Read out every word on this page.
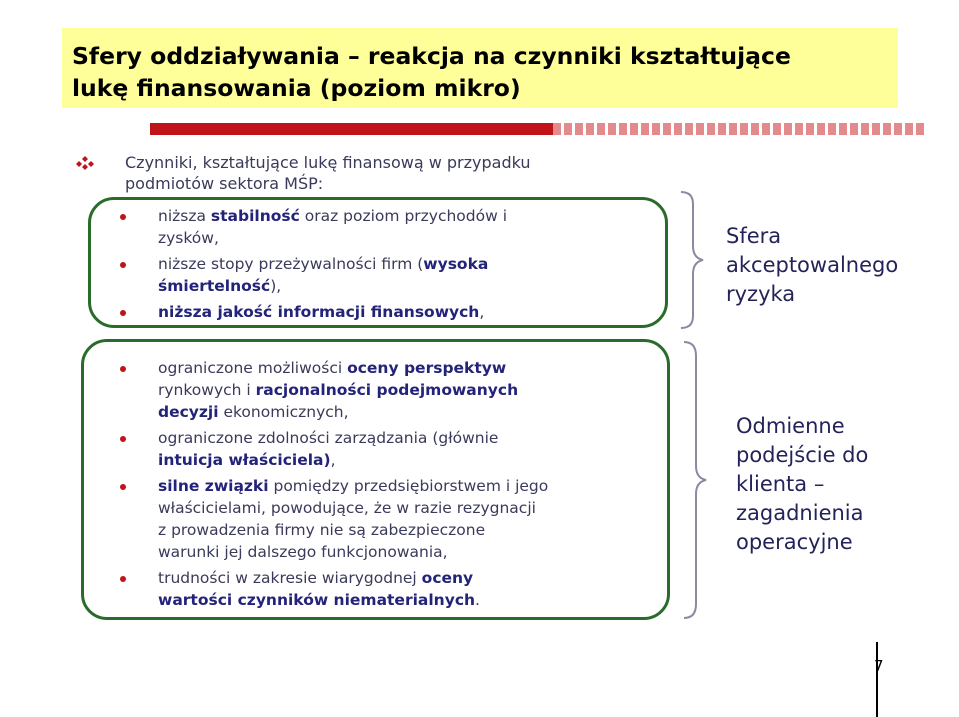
Sfery oddziaływania – reakcja na czynniki kształtujące
lukę finansowania (poziom mikro)
Czynniki, kształtujące lukę finansową w przypadku
podmiotów sektora MŚP:
niższa stabilność oraz poziom przychodów i
zysków,
niższe stopy przeżywalności firm (wysoka
śmiertelność),
niższa jakość informacji finansowych,
Sfera
akceptowalnego
ryzyka
ograniczone możliwości oceny perspektyw
rynkowych i racjonalności podejmowanych
decyzji ekonomicznych,
ograniczone zdolności zarządzania (głównie
intuicja właściciela),
silne związki pomiędzy przedsiębiorstwem i jego
właścicielami, powodujące, że w razie rezygnacji
z prowadzenia firmy nie są zabezpieczone
warunki jej dalszego funkcjonowania,
trudności w zakresie wiarygodnej oceny
wartości czynników niematerialnych.
Odmienne
podejście do
klienta –
zagadnienia
operacyjne
7
